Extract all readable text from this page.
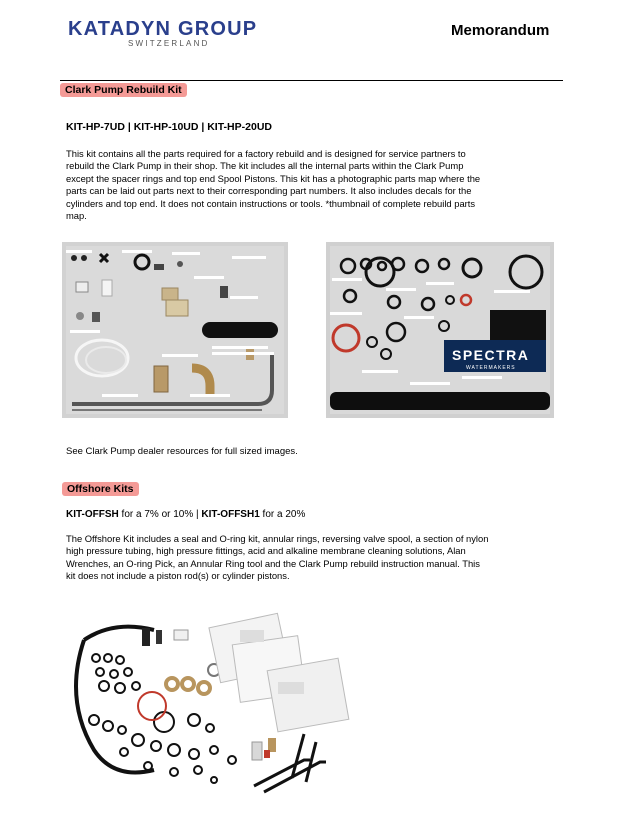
KATADYN GROUP
SWITZERLAND
Memorandum
Clark Pump Rebuild Kit
KIT-HP-7UD | KIT-HP-10UD | KIT-HP-20UD
This kit contains all the parts required for a factory rebuild and is designed for service partners to
rebuild the Clark Pump in their shop. The kit includes all the internal parts within the Clark Pump
except the spacer rings and top end Spool Pistons. This kit has a photographic parts map where the
parts can be laid out parts next to their corresponding part numbers. It also includes decals for the
cylinders and top end. It does not contain instructions or tools. *thumbnail of complete rebuild parts
map.
SPECTRA
WATERMAKERS
See Clark Pump dealer resources for full sized images.
Offshore Kits
KIT-OFFSH for a 7% or 10% | KIT-OFFSH1 for a 20%
The Offshore Kit includes a seal and O-ring kit, annular rings, reversing valve spool, a section of nylon
high pressure tubing, high pressure fittings, acid and alkaline membrane cleaning solutions, Alan
Wrenches, an O-ring Pick, an Annular Ring tool and the Clark Pump rebuild instruction manual. This
kit does not include a piston rod(s) or cylinder pistons.
